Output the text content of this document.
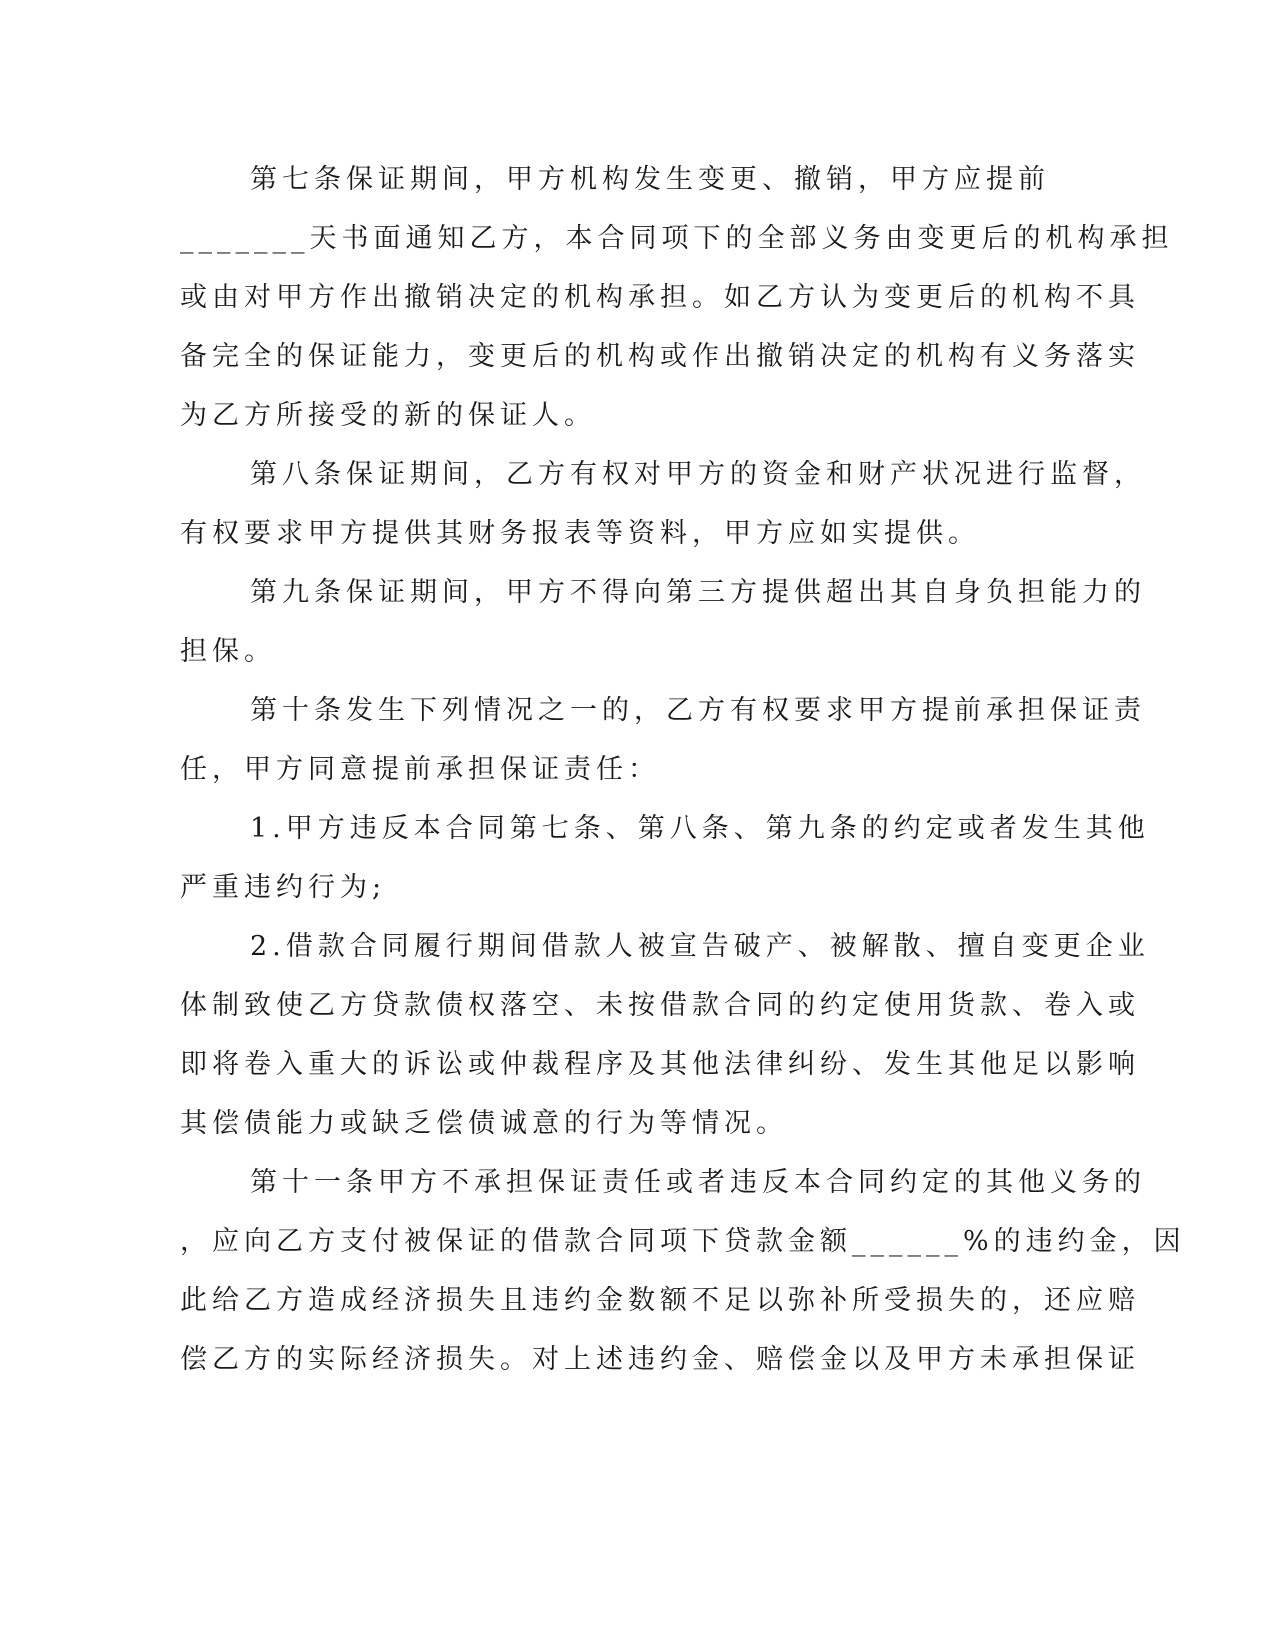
第七条保证期间，甲方机构发生变更、撤销，甲方应提前
_______天书面通知乙方，本合同项下的全部义务由变更后的机构承担
或由对甲方作出撤销决定的机构承担。如乙方认为变更后的机构不具
备完全的保证能力，变更后的机构或作出撤销决定的机构有义务落实
为乙方所接受的新的保证人。
第八条保证期间，乙方有权对甲方的资金和财产状况进行监督，
有权要求甲方提供其财务报表等资料，甲方应如实提供。
第九条保证期间，甲方不得向第三方提供超出其自身负担能力的
担保。
第十条发生下列情况之一的，乙方有权要求甲方提前承担保证责
任，甲方同意提前承担保证责任：
1.甲方违反本合同第七条、第八条、第九条的约定或者发生其他
严重违约行为;
2.借款合同履行期间借款人被宣告破产、被解散、擅自变更企业
体制致使乙方贷款债权落空、未按借款合同的约定使用货款、卷入或
即将卷入重大的诉讼或仲裁程序及其他法律纠纷、发生其他足以影响
其偿债能力或缺乏偿债诚意的行为等情况。
第十一条甲方不承担保证责任或者违反本合同约定的其他义务的
，应向乙方支付被保证的借款合同项下贷款金额______%的违约金，因
此给乙方造成经济损失且违约金数额不足以弥补所受损失的，还应赔
偿乙方的实际经济损失。对上述违约金、赔偿金以及甲方未承担保证
